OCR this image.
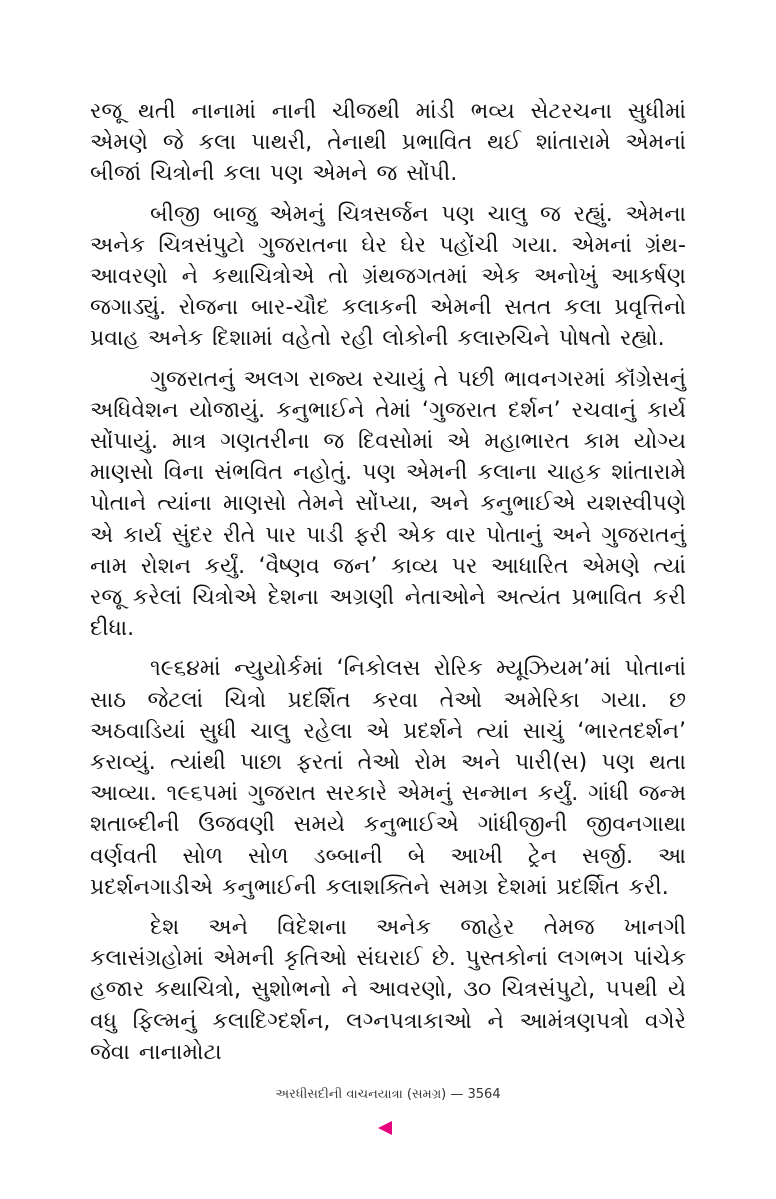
રજૂ થતી નાનામાં નાની ચીજથી માંડી ભવ્ય સેટરચના સુધીમાં એમણે જે કલા પાથરી, તેનાથી પ્રભાવિત થઈ શાંતારામે એમનાં બીજાં ચિત્રોની કલા પણ એમને જ સોંપી.

બીજી બાજુ એમનું ચિત્રસર્જન પણ ચાલુ જ રહ્યું. એમના અનેક ચિત્રસંપુટો ગુજરાતના ઘેર ઘેર પહોંચી ગયા. એમનાં ગ્રંથ-આવરણો ને કથાચિત્રોએ તો ગ્રંથજગતમાં એક અનોખું આકર્ષણ જગાડ્યું. રોજના બાર-ચૌદ કલાકની એમની સતત કલા પ્રવૃત્તિનો પ્રવાહ અનેક દિશામાં વહેતો રહી લોકોની કલારુચિને પોષતો રહ્યો.

ગુજરાતનું અલગ રાજ્ય રચાયું તે પછી ભાવનગરમાં કૉંગ્રેસનું અધિવેશન યોજાયું. કનુભાઈને તેમાં ‘ગુજરાત દર્શન’ રચવાનું કાર્ય સોંપાયું. માત્ર ગણતરીના જ દિવસોમાં એ મહાભારત કામ યોગ્ય માણસો વિના સંભવિત નહોતું. પણ એમની કલાના ચાહક શાંતારામે પોતાને ત્યાંના માણસો તેમને સોંપ્યા, અને કનુભાઈએ યશસ્વીપણે એ કાર્ય સુંદર રીતે પાર પાડી ફરી એક વાર પોતાનું અને ગુજરાતનું નામ રોશન કર્યું. ‘વૈષ્ણવ જન’ કાવ્ય પર આધારિત એમણે ત્યાં રજૂ કરેલાં ચિત્રોએ દેશના અગ્રણી નેતાઓને અત્યંત પ્રભાવિત કરી દીધા.

૧૯૬૪માં ન્યુયોર્કમાં ‘નિકોલસ રોરિક મ્યૂઝિયમ’માં પોતાનાં સાઠ જેટલાં ચિત્રો પ્રદર્શિત કરવા તેઓ અમેરિકા ગયા. છ અઠવાડિયાં સુધી ચાલુ રહેલા એ પ્રદર્શને ત્યાં સાચું ‘ભારતદર્શન’ કરાવ્યું. ત્યાંથી પાછા ફરતાં તેઓ રોમ અને પારી(સ) પણ થતા આવ્યા. ૧૯૬૫માં ગુજરાત સરકારે એમનું સન્માન કર્યું. ગાંધી જન્મ શતાબ્દીની ઉજવણી સમયે કનુભાઈએ ગાંધીજીની જીવનગાથા વર્ણવતી સોળ સોળ ડબ્બાની બે આખી ટ્રેન સર્જી. આ પ્રદર્શનગાડીએ કનુભાઈની કલાશક્તિને સમગ્ર દેશમાં પ્રદર્શિત કરી.

દેશ અને વિદેશના અનેક જાહેર તેમજ ખાનગી કલાસંગ્રહોમાં એમની કૃતિઓ સંઘરાઈ છે. પુસ્તકોનાં લગભગ પાંચેક હજાર કથાચિત્રો, સુશોભનો ને આવરણો, ૩૦ ચિત્રસંપુટો, ૫૫થી યે વધુ ફિલ્મનું કલાદિગ્દર્શન, લગ્નપત્રાકાઓ ને આમંત્રણપત્રો વગેરે જેવા નાનામોટા

અરધીસદીની વાચનયાત્રા (સમગ્ર) — 3564
